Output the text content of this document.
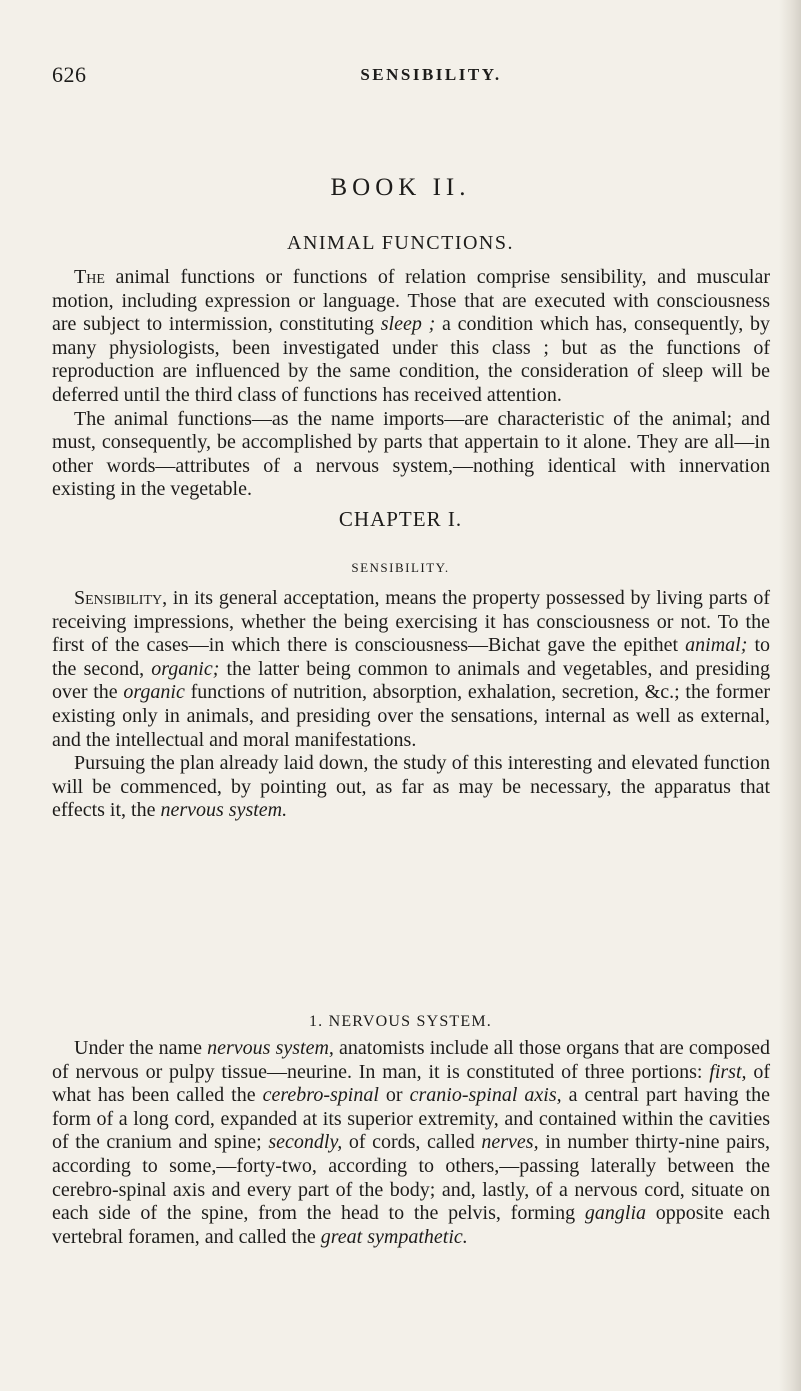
626	SENSIBILITY.
BOOK II.
ANIMAL FUNCTIONS.

The animal functions or functions of relation comprise sensibility, and muscular motion, including expression or language. Those that are executed with consciousness are subject to intermission, constituting sleep ; a condition which has, consequently, by many physiologists, been investigated under this class ; but as the functions of reproduction are influenced by the same condition, the consideration of sleep will be deferred until the third class of functions has received attention.

The animal functions—as the name imports—are characteristic of the animal; and must, consequently, be accomplished by parts that appertain to it alone. They are all—in other words—attributes of a nervous system,—nothing identical with innervation existing in the vegetable.

CHAPTER I.
SENSIBILITY.

Sensibility, in its general acceptation, means the property possessed by living parts of receiving impressions, whether the being exercising it has consciousness or not. To the first of the cases—in which there is consciousness—Bichat gave the epithet animal; to the second, organic; the latter being common to animals and vegetables, and presiding over the organic functions of nutrition, absorption, exhalation, secretion, &c.; the former existing only in animals, and presiding over the sensations, internal as well as external, and the intellectual and moral manifestations.

Pursuing the plan already laid down, the study of this interesting and elevated function will be commenced, by pointing out, as far as may be necessary, the apparatus that effects it, the nervous system.

1. NERVOUS SYSTEM.

Under the name nervous system, anatomists include all those organs that are composed of nervous or pulpy tissue—neurine. In man, it is constituted of three portions: first, of what has been called the cerebro-spinal or cranio-spinal axis, a central part having the form of a long cord, expanded at its superior extremity, and contained within the cavities of the cranium and spine; secondly, of cords, called nerves, in number thirty-nine pairs, according to some,—forty-two, according to others,—passing laterally between the cerebro-spinal axis and every part of the body; and, lastly, of a nervous cord, situate on each side of the spine, from the head to the pelvis, forming ganglia opposite each vertebral foramen, and called the great sympathetic.
